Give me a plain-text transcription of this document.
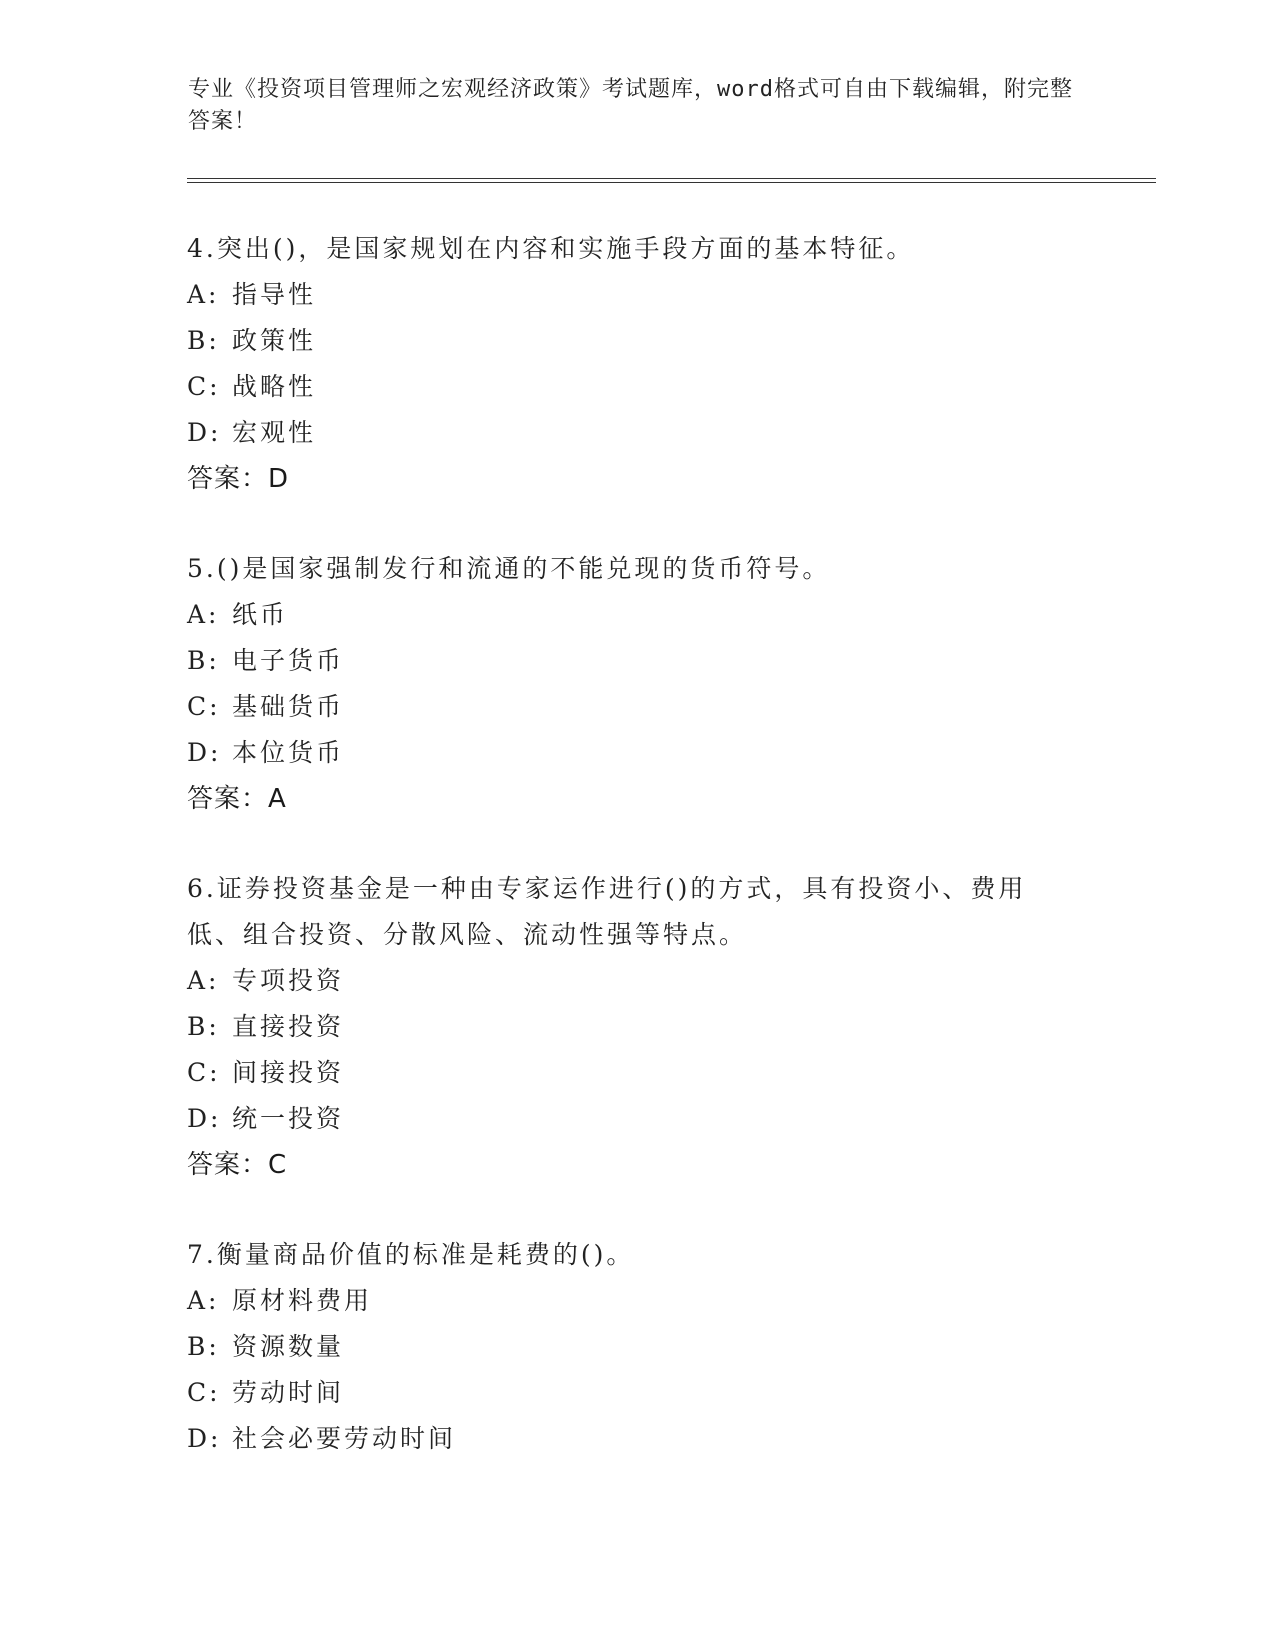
专业《投资项目管理师之宏观经济政策》考试题库，word格式可自由下载编辑，附完整答案！
4.突出()，是国家规划在内容和实施手段方面的基本特征。
A: 指导性
B: 政策性
C: 战略性
D: 宏观性
答案：D
5.()是国家强制发行和流通的不能兑现的货币符号。
A: 纸币
B: 电子货币
C: 基础货币
D: 本位货币
答案：A
6.证券投资基金是一种由专家运作进行()的方式，具有投资小、费用低、组合投资、分散风险、流动性强等特点。
A: 专项投资
B: 直接投资
C: 间接投资
D: 统一投资
答案：C
7.衡量商品价值的标准是耗费的()。
A: 原材料费用
B: 资源数量
C: 劳动时间
D: 社会必要劳动时间
